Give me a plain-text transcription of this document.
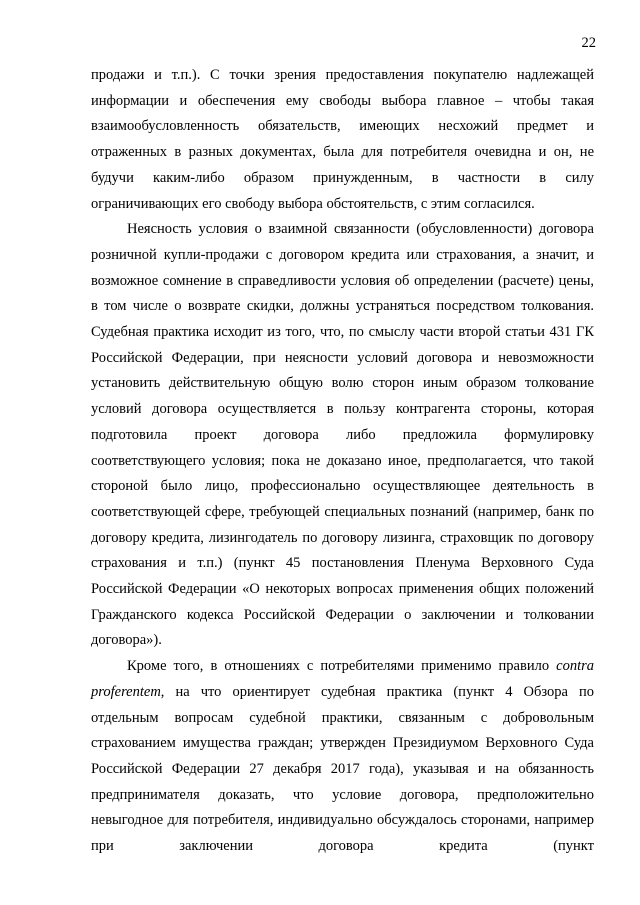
22

продажи и т.п.). С точки зрения предоставления покупателю надлежащей информации и обеспечения ему свободы выбора главное – чтобы такая взаимообусловленность обязательств, имеющих несхожий предмет и отраженных в разных документах, была для потребителя очевидна и он, не будучи каким-либо образом принужденным, в частности в силу ограничивающих его свободу выбора обстоятельств, с этим согласился.

Неясность условия о взаимной связанности (обусловленности) договора розничной купли-продажи с договором кредита или страхования, а значит, и возможное сомнение в справедливости условия об определении (расчете) цены, в том числе о возврате скидки, должны устраняться посредством толкования. Судебная практика исходит из того, что, по смыслу части второй статьи 431 ГК Российской Федерации, при неясности условий договора и невозможности установить действительную общую волю сторон иным образом толкование условий договора осуществляется в пользу контрагента стороны, которая подготовила проект договора либо предложила формулировку соответствующего условия; пока не доказано иное, предполагается, что такой стороной было лицо, профессионально осуществляющее деятельность в соответствующей сфере, требующей специальных познаний (например, банк по договору кредита, лизингодатель по договору лизинга, страховщик по договору страхования и т.п.) (пункт 45 постановления Пленума Верховного Суда Российской Федерации «О некоторых вопросах применения общих положений Гражданского кодекса Российской Федерации о заключении и толковании договора»).

Кроме того, в отношениях с потребителями применимо правило contra proferentem, на что ориентирует судебная практика (пункт 4 Обзора по отдельным вопросам судебной практики, связанным с добровольным страхованием имущества граждан; утвержден Президиумом Верховного Суда Российской Федерации 27 декабря 2017 года), указывая и на обязанность предпринимателя доказать, что условие договора, предположительно невыгодное для потребителя, индивидуально обсуждалось сторонами, например при заключении договора кредита (пункт
